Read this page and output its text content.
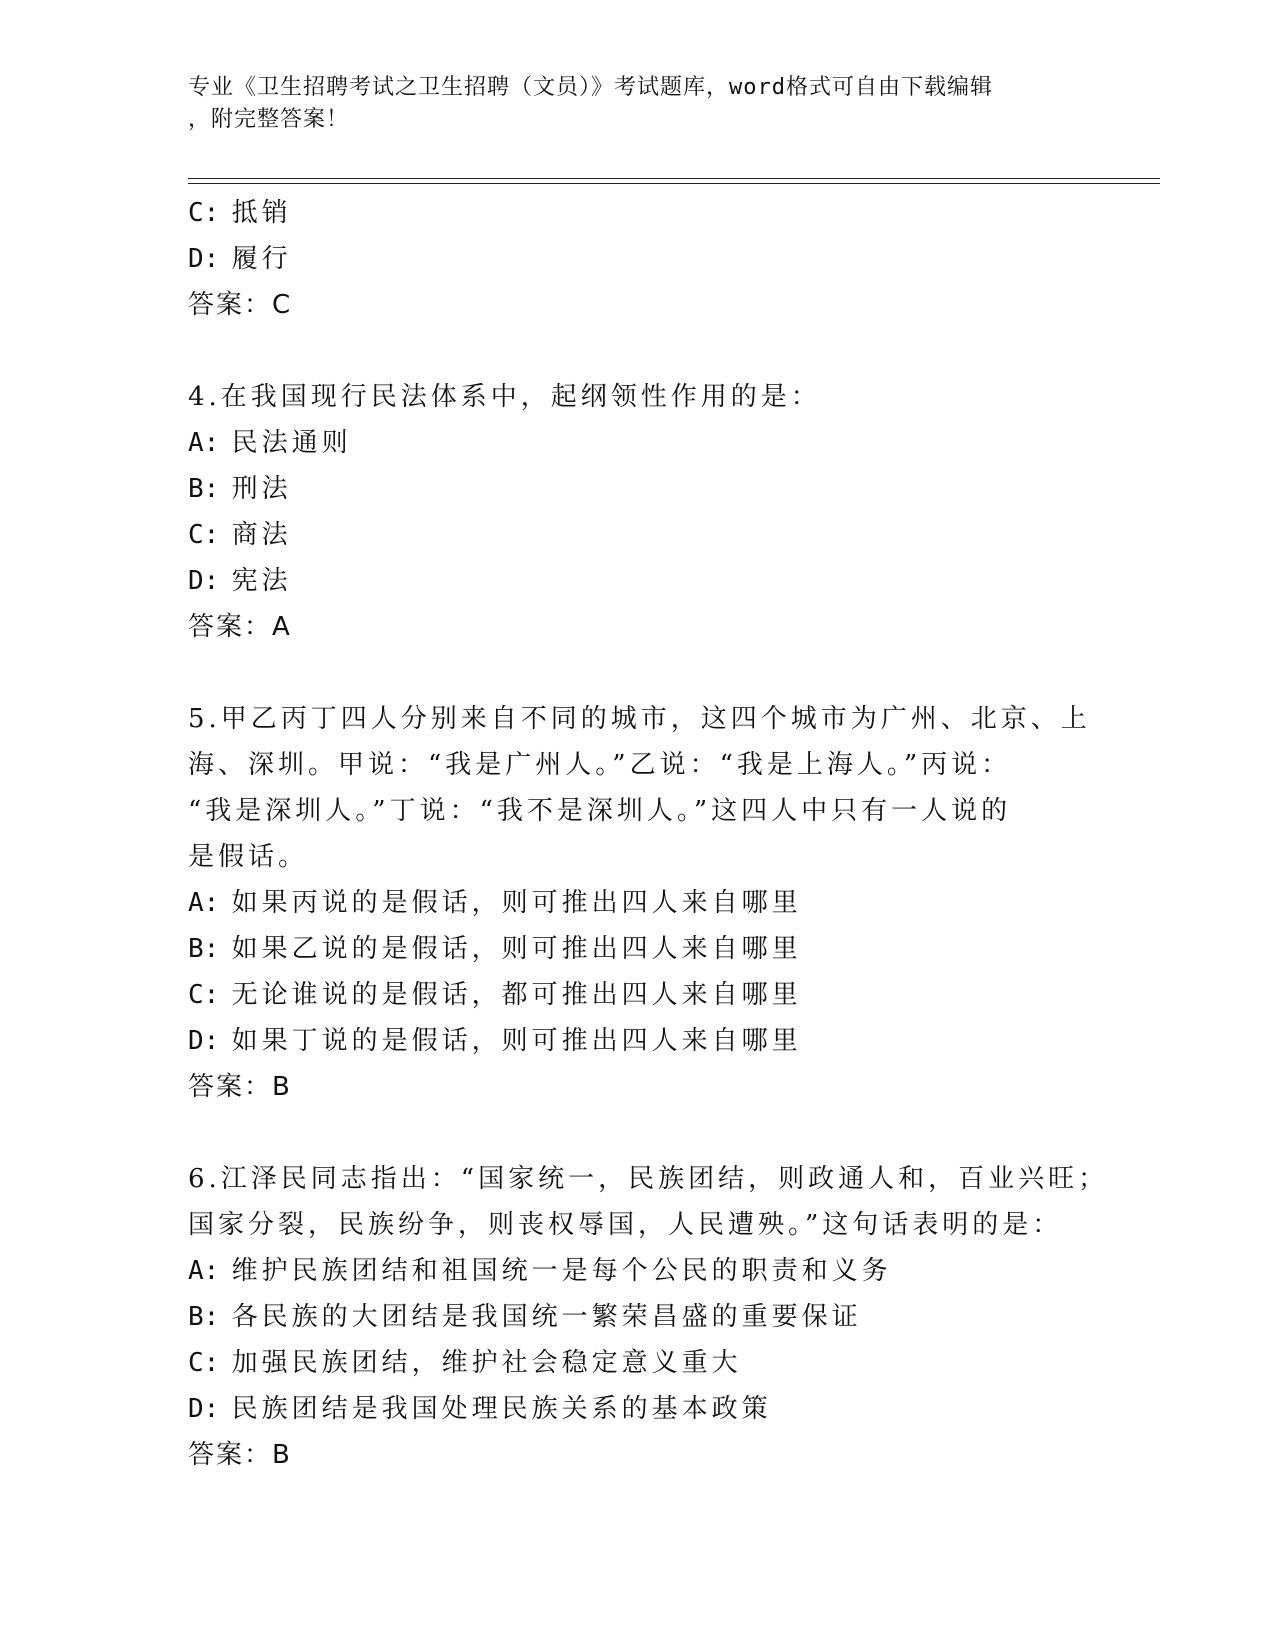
专业《卫生招聘考试之卫生招聘（文员）》考试题库，word格式可自由下载编辑
，附完整答案！
C: 抵销
D: 履行
答案：C
4.在我国现行民法体系中，起纲领性作用的是：
A: 民法通则
B: 刑法
C: 商法
D: 宪法
答案：A
5.甲乙丙丁四人分别来自不同的城市，这四个城市为广州、北京、上
海、深圳。甲说：“我是广州人。”乙说：“我是上海人。”丙说：
“我是深圳人。”丁说：“我不是深圳人。”这四人中只有一人说的
是假话。
A: 如果丙说的是假话，则可推出四人来自哪里
B: 如果乙说的是假话，则可推出四人来自哪里
C: 无论谁说的是假话，都可推出四人来自哪里
D: 如果丁说的是假话，则可推出四人来自哪里
答案：B
6.江泽民同志指出：“国家统一，民族团结，则政通人和，百业兴旺；
国家分裂，民族纷争，则丧权辱国，人民遭殃。”这句话表明的是：
A: 维护民族团结和祖国统一是每个公民的职责和义务
B: 各民族的大团结是我国统一繁荣昌盛的重要保证
C: 加强民族团结，维护社会稳定意义重大
D: 民族团结是我国处理民族关系的基本政策
答案：B
